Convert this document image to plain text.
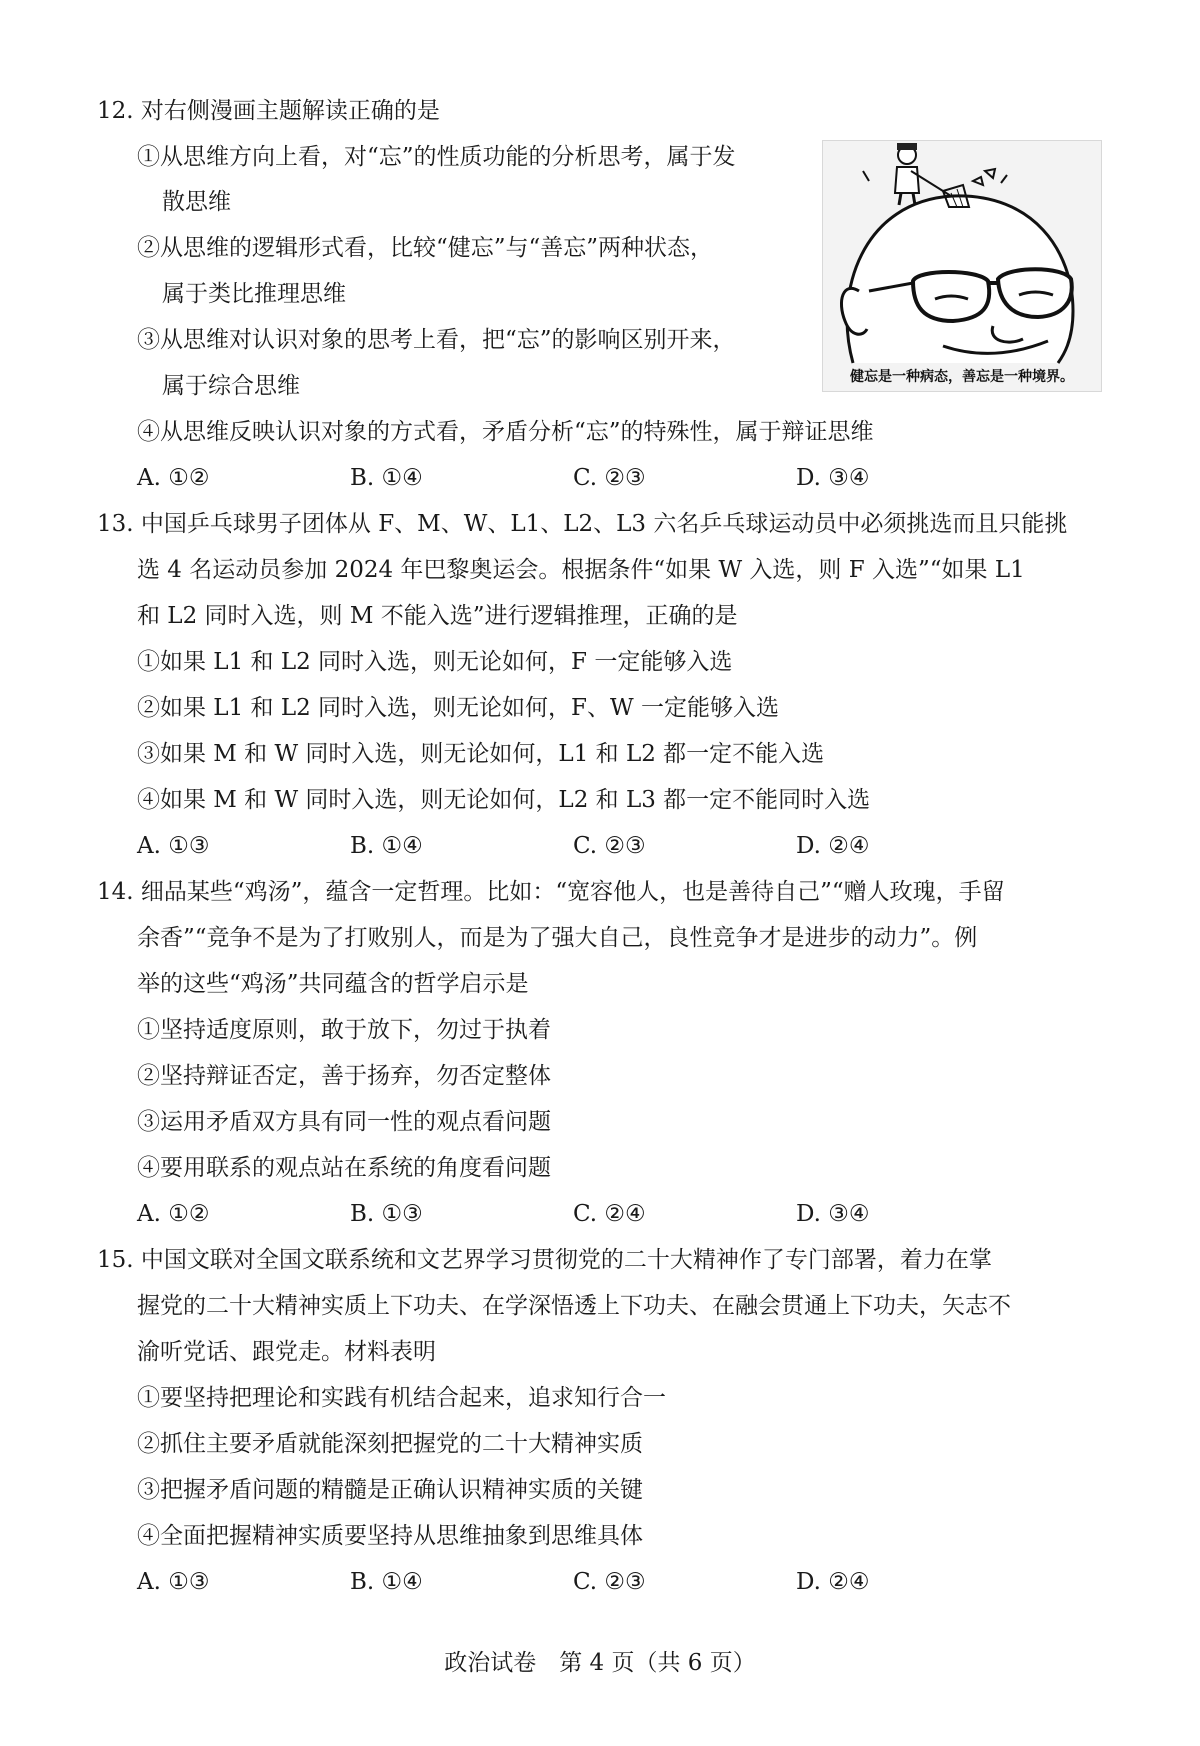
12. 对右侧漫画主题解读正确的是
①从思维方向上看，对“忘”的性质功能的分析思考，属于发
散思维
②从思维的逻辑形式看，比较“健忘”与“善忘”两种状态，
属于类比推理思维
③从思维对认识对象的思考上看，把“忘”的影响区别开来，
属于综合思维
④从思维反映认识对象的方式看，矛盾分析“忘”的特殊性，属于辩证思维
A. ①②	B. ①④	C. ②③	D. ③④
健忘是一种病态，善忘是一种境界。
13. 中国乒乓球男子团体从 F、M、W、L1、L2、L3 六名乒乓球运动员中必须挑选而且只能挑
选 4 名运动员参加 2024 年巴黎奥运会。根据条件“如果 W 入选，则 F 入选”“如果 L1
和 L2 同时入选，则 M 不能入选”进行逻辑推理，正确的是
①如果 L1 和 L2 同时入选，则无论如何，F 一定能够入选
②如果 L1 和 L2 同时入选，则无论如何，F、W 一定能够入选
③如果 M 和 W 同时入选，则无论如何，L1 和 L2 都一定不能入选
④如果 M 和 W 同时入选，则无论如何，L2 和 L3 都一定不能同时入选
A. ①③	B. ①④	C. ②③	D. ②④
14. 细品某些“鸡汤”，蕴含一定哲理。比如：“宽容他人，也是善待自己”“赠人玫瑰，手留
余香”“竞争不是为了打败别人，而是为了强大自己，良性竞争才是进步的动力”。例
举的这些“鸡汤”共同蕴含的哲学启示是
①坚持适度原则，敢于放下，勿过于执着
②坚持辩证否定，善于扬弃，勿否定整体
③运用矛盾双方具有同一性的观点看问题
④要用联系的观点站在系统的角度看问题
A. ①②	B. ①③	C. ②④	D. ③④
15. 中国文联对全国文联系统和文艺界学习贯彻党的二十大精神作了专门部署，着力在掌
握党的二十大精神实质上下功夫、在学深悟透上下功夫、在融会贯通上下功夫，矢志不
渝听党话、跟党走。材料表明
①要坚持把理论和实践有机结合起来，追求知行合一
②抓住主要矛盾就能深刻把握党的二十大精神实质
③把握矛盾问题的精髓是正确认识精神实质的关键
④全面把握精神实质要坚持从思维抽象到思维具体
A. ①③	B. ①④	C. ②③	D. ②④
政治试卷　第 4 页（共 6 页）
